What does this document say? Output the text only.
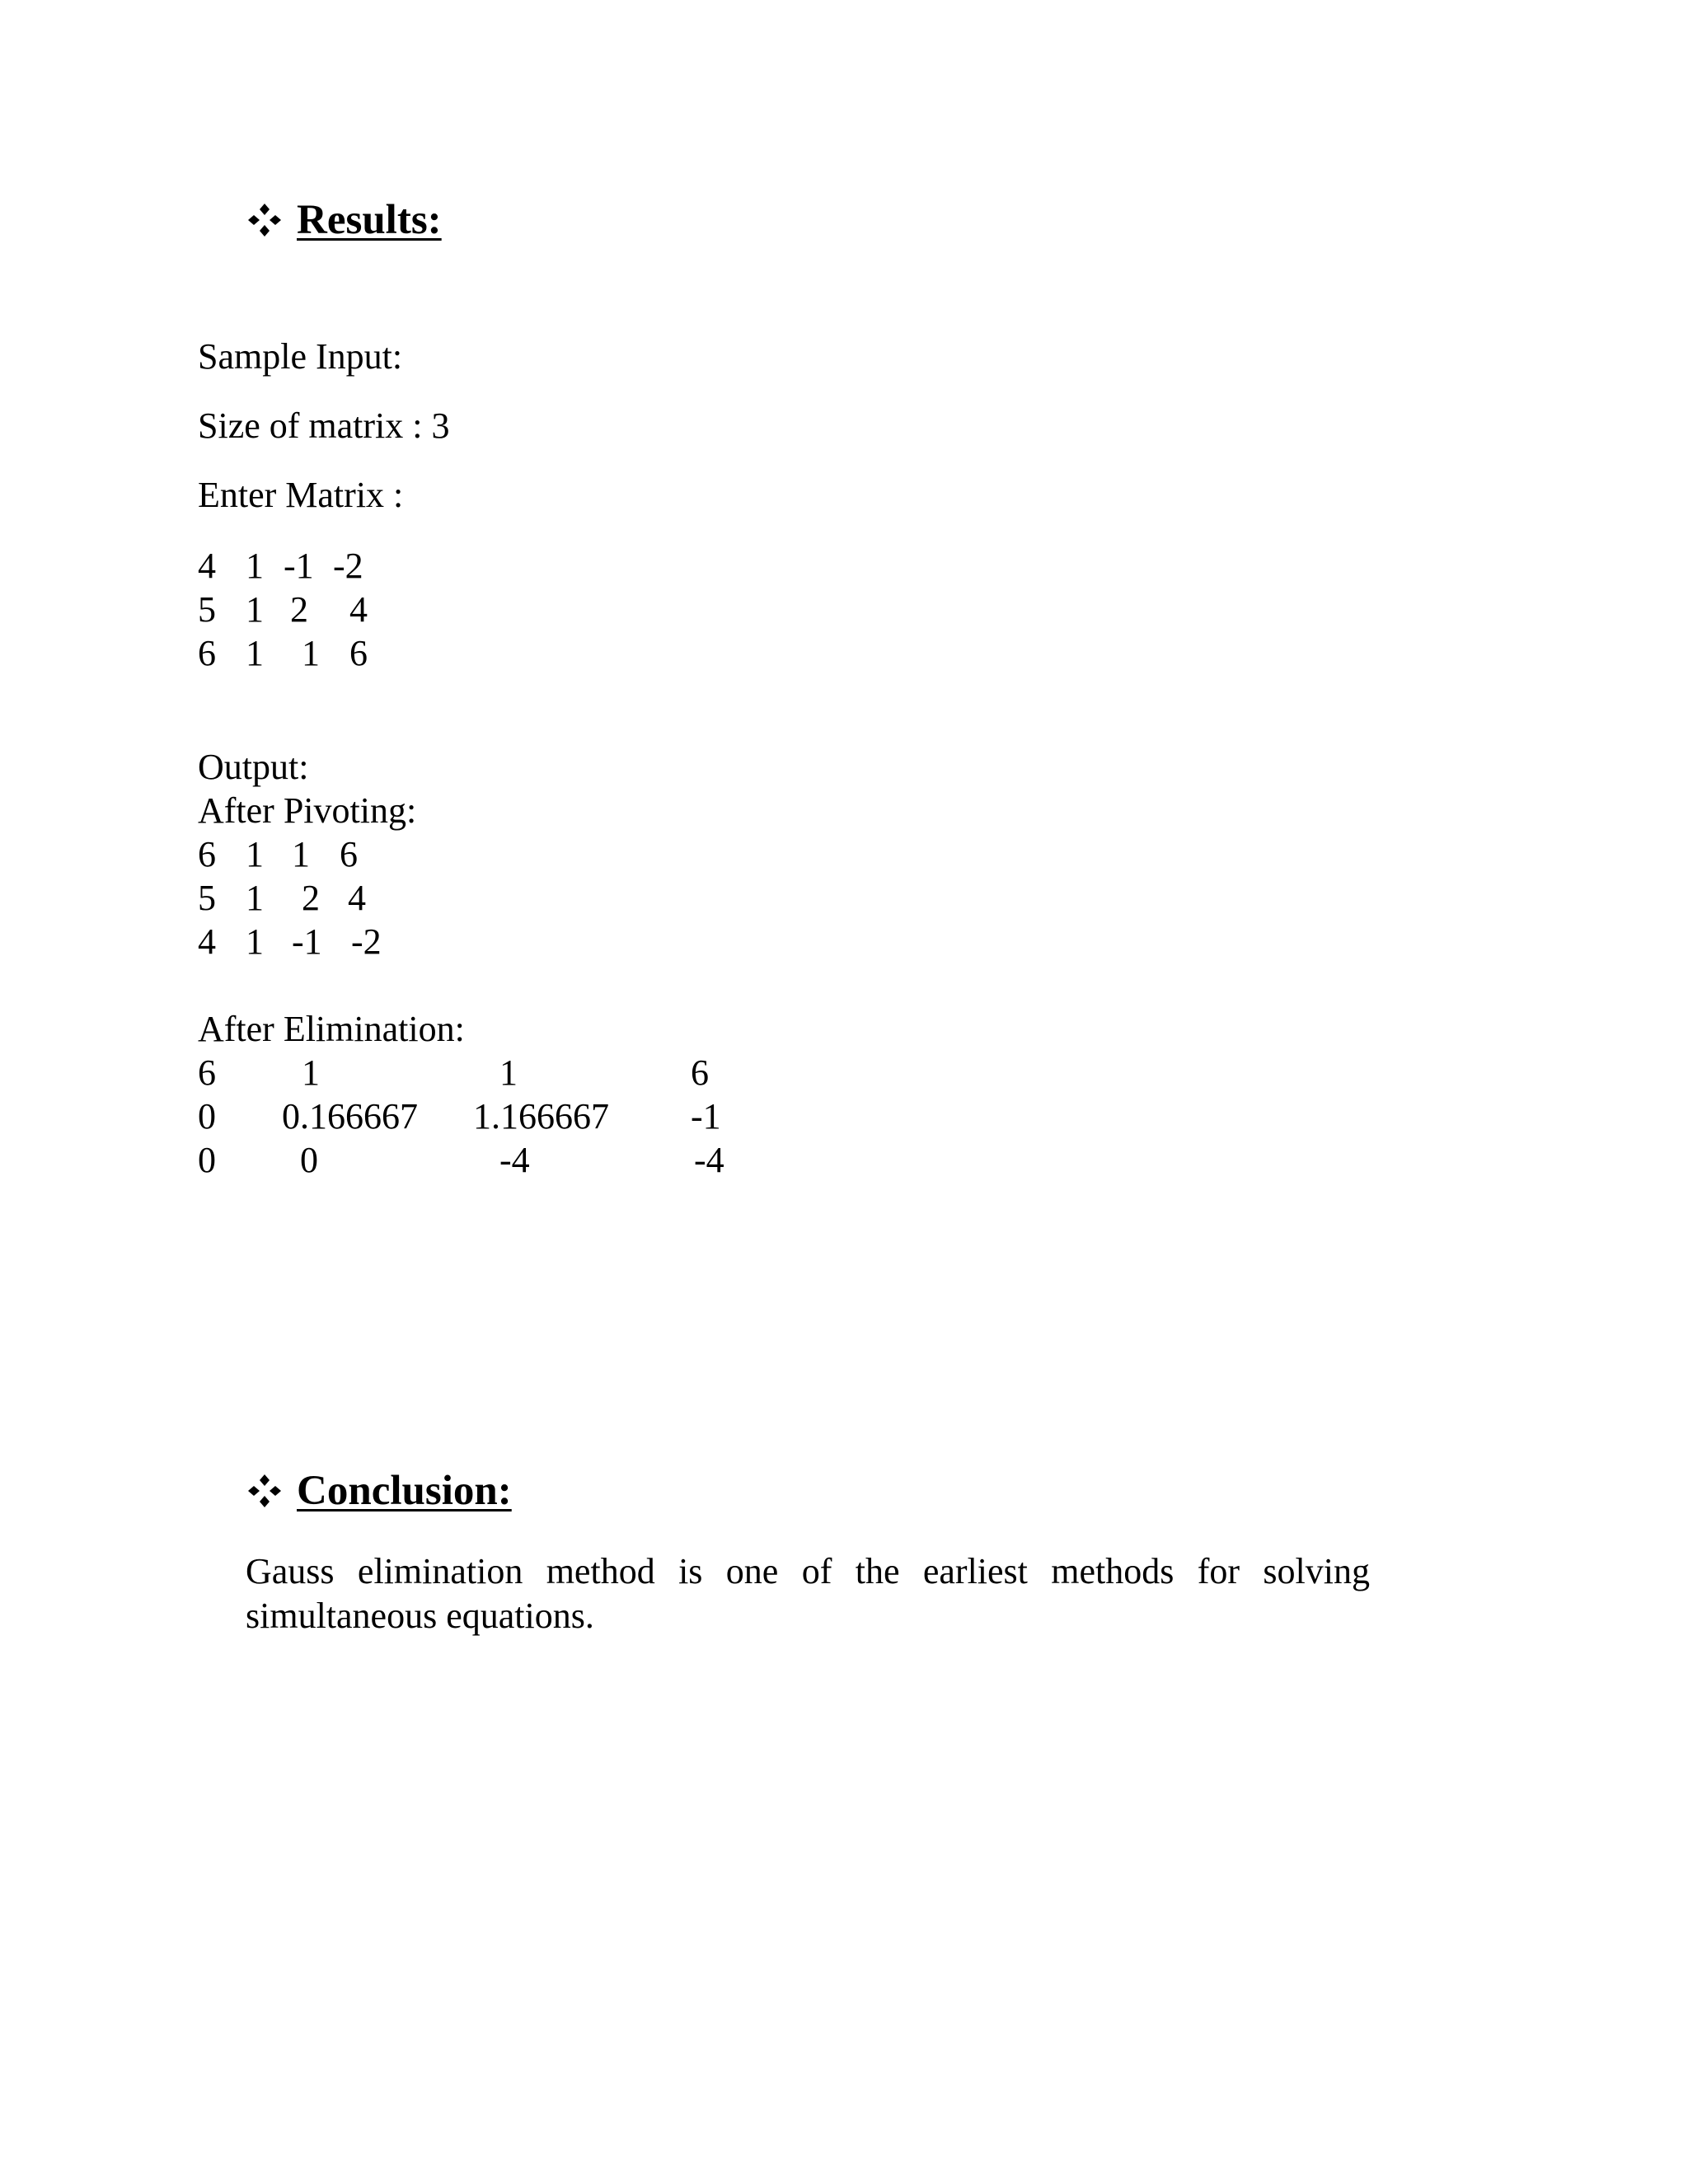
Results:
Sample Input:
Size of matrix : 3
Enter Matrix :
4 1 -1 -2
5 1 2 4
6 1 1 6
Output:
After Pivoting:
6 1 1 6
5 1 2 4
4 1 -1 -2
After Elimination:
6 1	1	6
0 0.166667 1.166667 -1
0 0	-4	-4
Conclusion:
Gauss elimination method is one of the earliest methods for solving simultaneous equations.
